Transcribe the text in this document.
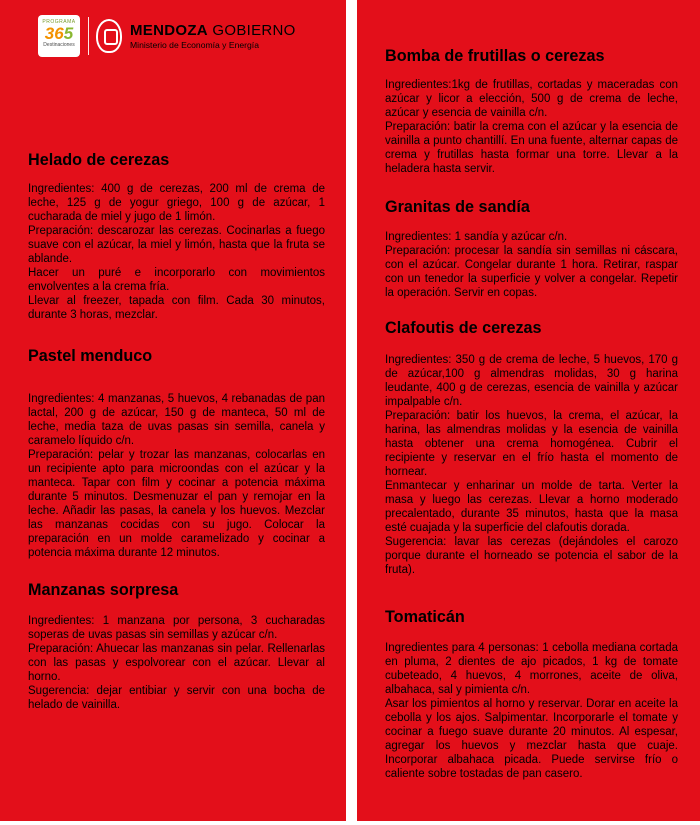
PROGRAMA
365
Destinaciones
MENDOZA GOBIERNO
Ministerio de Economía y Energía
Helado de cerezas

Ingredientes: 400 g de cerezas, 200 ml de crema de leche, 125 g de yogur griego, 100 g de azúcar, 1 cucharada de miel y jugo de 1 limón.

Preparación: descarozar las cerezas. Cocinarlas a fuego suave con el azúcar, la miel y limón, hasta que la fruta se ablande.

Hacer un puré e incorporarlo con movimientos envolventes a la crema fría.

Llevar al freezer, tapada con film. Cada 30 minutos, durante 3 horas, mezclar.

Pastel menduco

Ingredientes: 4 manzanas, 5 huevos, 4 rebanadas de pan lactal, 200 g de azúcar, 150 g de manteca, 50 ml de leche, media taza de uvas pasas sin semilla, canela y caramelo líquido c/n.

Preparación: pelar y trozar las manzanas, colocarlas en un recipiente apto para microondas con el azúcar y la manteca. Tapar con film y cocinar a potencia máxima durante 5 minutos. Desmenuzar el pan y remojar en la leche. Añadir las pasas, la canela y los huevos. Mezclar las manzanas cocidas con su jugo. Colocar la preparación en un molde caramelizado y cocinar a potencia máxima durante 12 minutos.

Manzanas sorpresa

Ingredientes: 1 manzana por persona, 3 cucharadas soperas de uvas pasas sin semillas y azúcar c/n.

Preparación: Ahuecar las manzanas sin pelar. Rellenarlas con las pasas y espolvorear con el azúcar. Llevar al horno.

Sugerencia: dejar entibiar y servir con una bocha de helado de vainilla.

Bomba de frutillas o cerezas

Ingredientes:1kg de frutillas, cortadas y maceradas con azúcar y licor a elección, 500 g de crema de leche, azúcar y esencia de vainilla c/n.

Preparación: batir la crema con el azúcar y la esencia de vainilla a punto chantillí. En una fuente, alternar capas de crema y frutillas hasta formar una torre. Llevar a la heladera hasta servir.

Granitas de sandía

Ingredientes: 1 sandía y azúcar c/n.

Preparación: procesar la sandía sin semillas ni cáscara, con el azúcar. Congelar durante 1 hora. Retirar, raspar con un tenedor la superficie y volver a congelar. Repetir la operación. Servir en copas.

Clafoutis de cerezas

Ingredientes: 350 g de crema de leche, 5 huevos, 170 g de azúcar,100 g almendras molidas, 30 g harina leudante, 400 g de cerezas, esencia de vainilla y azúcar impalpable c/n.

Preparación: batir los huevos, la crema, el azúcar, la harina, las almendras molidas y la esencia de vainilla hasta obtener una crema homogénea. Cubrir el recipiente y reservar en el frío hasta el momento de hornear.

Enmantecar y enharinar un molde de tarta. Verter la masa y luego las cerezas. Llevar a horno moderado precalentado, durante 35 minutos, hasta que la masa esté cuajada y la superficie del clafoutis dorada.

Sugerencia: lavar las cerezas (dejándoles el carozo porque durante el horneado se potencia el sabor de la fruta).

Tomaticán

Ingredientes para 4 personas: 1 cebolla mediana cortada en pluma, 2 dientes de ajo picados, 1 kg de tomate cubeteado, 4 huevos, 4 morrones, aceite de oliva, albahaca, sal y pimienta c/n.

Asar los pimientos al horno y reservar. Dorar en aceite la cebolla y los ajos. Salpimentar. Incorporarle el tomate y cocinar a fuego suave durante 20 minutos. Al espesar, agregar los huevos y mezclar hasta que cuaje. Incorporar albahaca picada. Puede servirse frío o caliente sobre tostadas de pan casero.
